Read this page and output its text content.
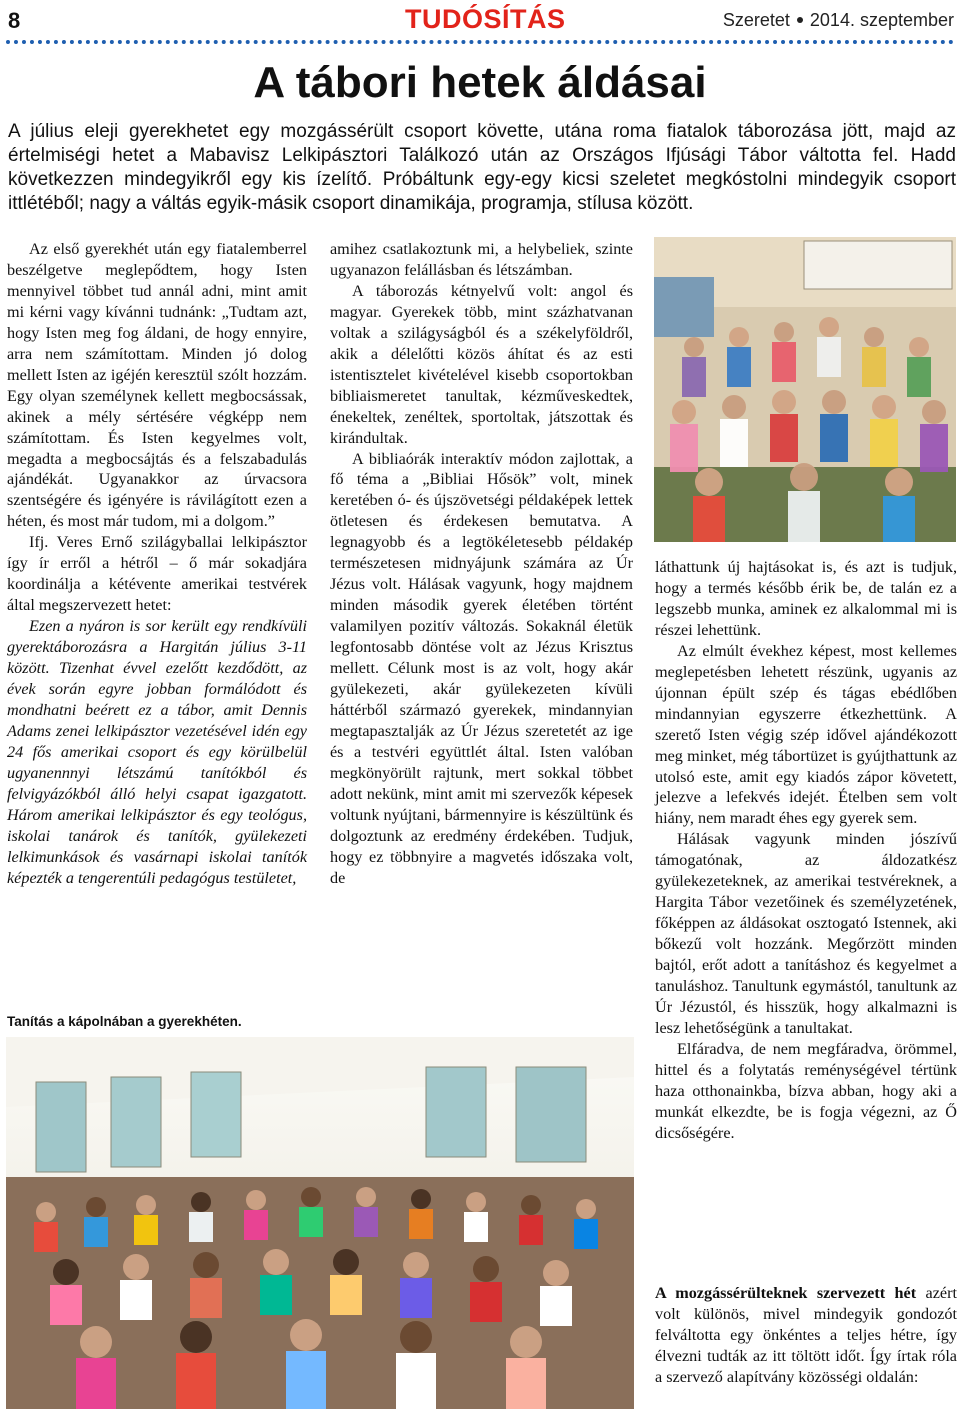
8	TUDÓSÍTÁS	Szeretet 2014. szeptember
A tábori hetek áldásai
A július eleji gyerekhetet egy mozgássérült csoport követte, utána roma fiatalok táborozása jött, majd az értelmiségi hetet a Mabavisz Lelkipásztori Találkozó után az Országos Ifjúsági Tábor váltotta fel. Hadd következzen mindegyikről egy kis ízelítő. Próbáltunk egy-egy kicsi szeletet megkóstolni mindegyik csoport ittlétéből; nagy a váltás egyik-másik csoport dinamikája, programja, stílusa között.

Az első gyerekhét után egy fiatalemberrel beszélgetve meglepődtem, hogy Isten mennyivel többet tud annál adni, mint amit mi kérni vagy kívánni tudnánk: „Tudtam azt, hogy Isten meg fog áldani, de hogy ennyire, arra nem számítottam. Minden jó dolog mellett Isten az igéjén keresztül szólt hozzám. Egy olyan személynek kellett megbocsássak, akinek a mély sértésére végképp nem számítottam. És Isten kegyelmes volt, megadta a megbocsájtás és a felszabadulás ajándékát. Ugyanakkor az úrvacsora szentségére és igényére is rávilágított ezen a héten, és most már tudom, mi a dolgom.”

Ifj. Veres Ernő szilágyballai lelkipásztor így ír erről a hétről – ő már sokadjára koordinálja a kétévente amerikai testvérek által megszervezett hetet:

Ezen a nyáron is sor került egy rendkívüli gyerektáborozásra a Hargitán július 3-11 között. Tizenhat évvel ezelőtt kezdődött, az évek során egyre jobban formálódott és mondhatni beérett ez a tábor, amit Dennis Adams zenei lelkipásztor vezetésével idén egy 24 fős amerikai csoport és egy körülbelül ugyanennnyi létszámú tanítókból és felvigyázókból álló helyi csapat igazgatott. Három amerikai lelkipásztor és egy teológus, iskolai tanárok és tanítók, gyülekezeti lelkimunkások és vasárnapi iskolai tanítók képezték a tengerentúli pedagógus testületet,

amihez csatlakoztunk mi, a helybeliek, szinte ugyanazon felállásban és létszámban.

A táborozás kétnyelvű volt: angol és magyar. Gyerekek több, mint százhatvanan voltak a szilágyságból és a székelyföldről, akik a délelőtti közös áhítat és az esti istentisztelet kivételével kisebb csoportokban bibliaismeretet tanultak, kézműveskedtek, énekeltek, zenéltek, sportoltak, játszottak és kirándultak.

A bibliaórák interaktív módon zajlottak, a fő téma a „Bibliai Hősök” volt, minek keretében ó- és újszövetségi példaképek lettek ötletesen és érdekesen bemutatva. A legnagyobb és a legtökéletesebb példakép természetesen midnyájunk számára az Úr Jézus volt. Hálásak vagyunk, hogy majdnem minden második gyerek életében történt valamilyen pozitív változás. Sokaknál életük legfontosabb döntése volt az Jézus Krisztus mellett. Célunk most is az volt, hogy akár gyülekezeti, akár gyülekezeten kívüli háttérből származó gyerekek, mindannyian megtapasztalják az Úr Jézus szeretetét az ige és a testvéri együttlét által. Isten valóban megkönyörült rajtunk, mert sokkal többet adott nekünk, mint amit mi szervezők képesek voltunk nyújtani, bármennyire is készültünk és dolgoztunk az eredmény érdekében. Tudjuk, hogy ez többnyire a magvetés időszaka volt, de

láthattunk új hajtásokat is, és azt is tudjuk, hogy a termés később érik be, de talán ez a legszebb munka, aminek ez alkalommal mi is részei lehettünk.

Az elmúlt évekhez képest, most kellemes meglepetésben lehetett részünk, ugyanis az újonnan épült szép és tágas ebédlőben mindannyian egyszerre étkezhettünk. A szerető Isten végig szép idővel ajándékozott meg minket, még tábortüzet is gyújthattunk az utolsó este, amit egy kiadós zápor követett, jelezve a lefekvés idejét. Ételben sem volt hiány, nem maradt éhes egy gyerek sem.

Hálásak vagyunk minden jószívű támogatónak, az áldozatkész gyülekezeteknek, az amerikai testvéreknek, a Hargita Tábor vezetőinek és személyzetének, főképpen az áldásokat osztogató Istennek, aki bőkezű volt hozzánk. Megőrzött minden bajtól, erőt adott a tanításhoz és kegyelmet a tanuláshoz. Tanultunk egymástól, tanultunk az Úr Jézustól, és hisszük, hogy alkalmazni is lesz lehetőségünk a tanultakat.

Elfáradva, de nem megfáradva, örömmel, hittel és a folytatás reménységével tértünk haza otthonainkba, bízva abban, hogy aki a munkát elkezdte, be is fogja végezni, az Ő dicsőségére.

A mozgássérülteknek szervezett hét azért volt különös, mivel mindegyik gondozót felváltotta egy önkéntes a teljes hétre, így élvezni tudták az itt töltött időt. Így írtak róla a szervező alapítvány közösségi oldalán:

Tanítás a kápolnában a gyerekhéten.
